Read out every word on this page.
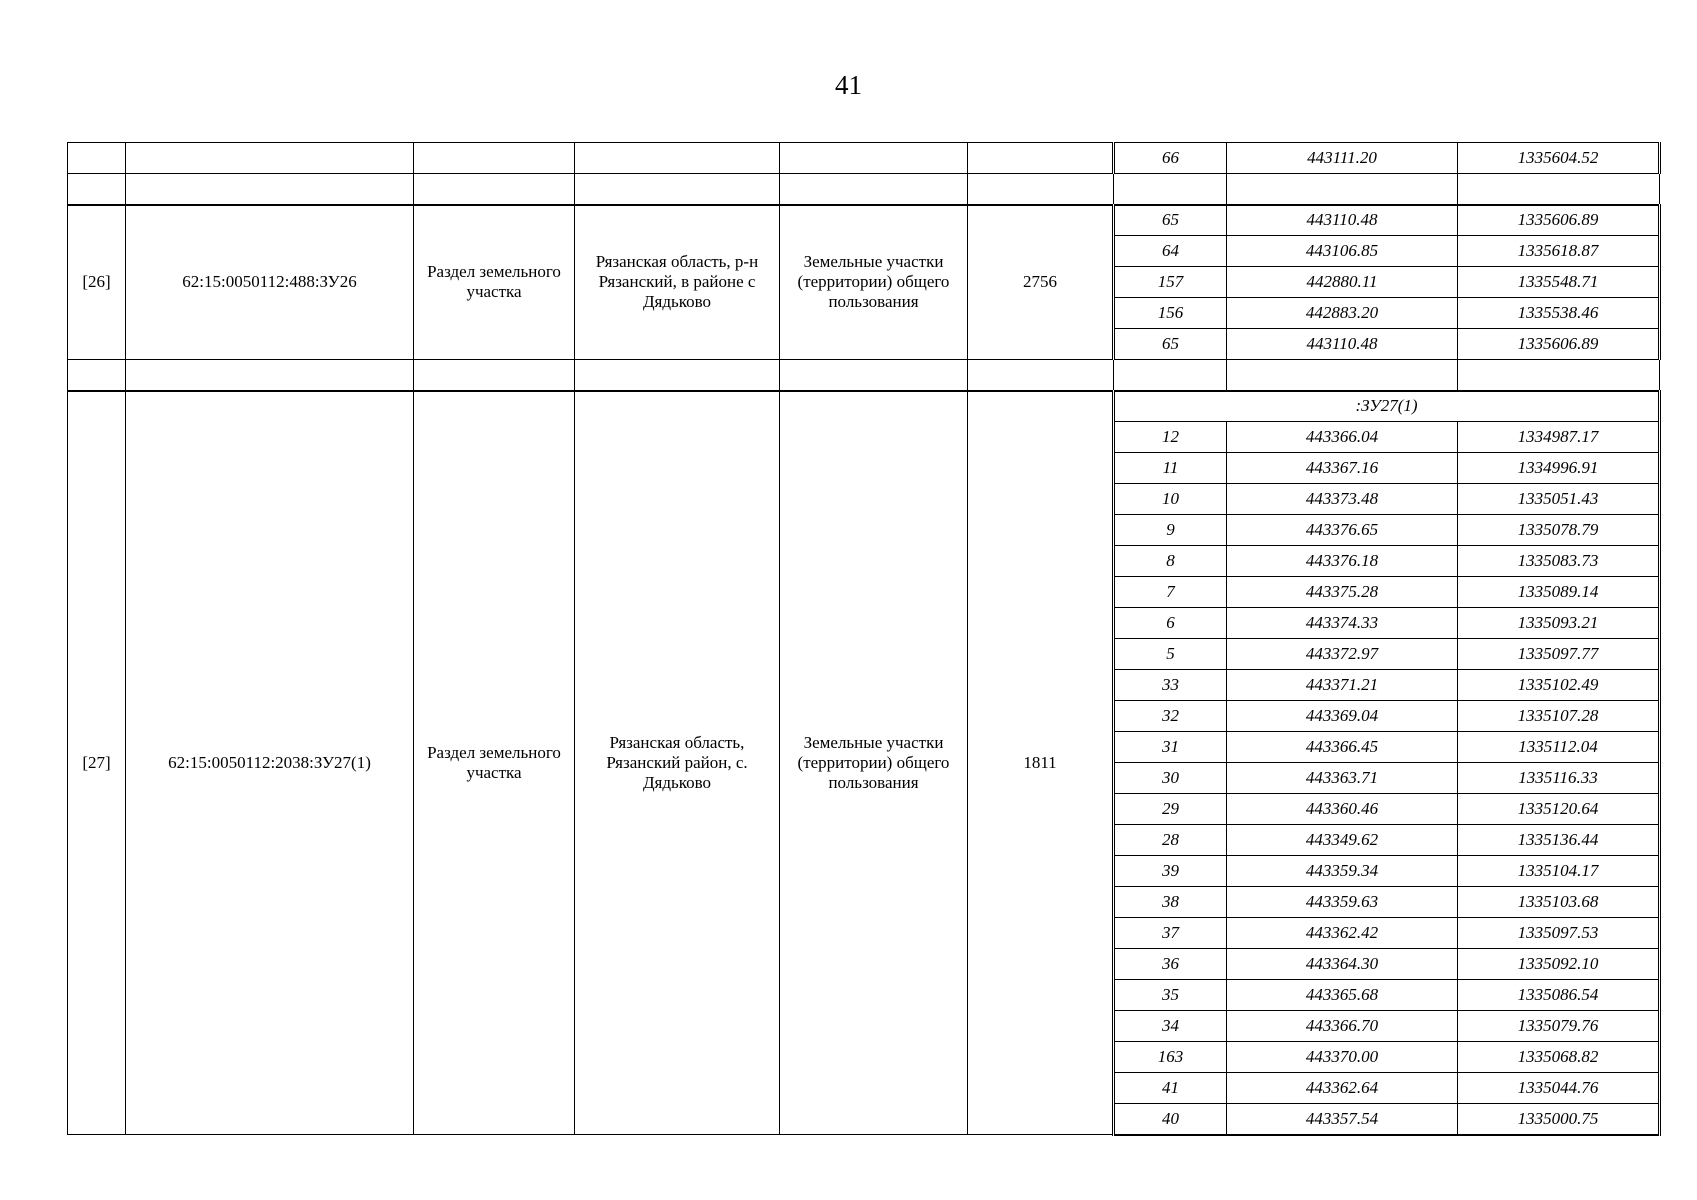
41
						66	443111.20	1335604.52

[26]	62:15:0050112:488:ЗУ26	Раздел земельного участка	Рязанская область, р-н Рязанский, в районе с Дядьково	Земельные участки (территории) общего пользования	2756	65	443110.48	1335606.89
						64	443106.85	1335618.87
						157	442880.11	1335548.71
						156	442883.20	1335538.46
						65	443110.48	1335606.89

[27]	62:15:0050112:2038:ЗУ27(1)	Раздел земельного участка	Рязанская область, Рязанский район, с. Дядьково	Земельные участки (территории) общего пользования	1811	:ЗУ27(1)		
						12	443366.04	1334987.17
						11	443367.16	1334996.91
						10	443373.48	1335051.43
						9	443376.65	1335078.79
						8	443376.18	1335083.73
						7	443375.28	1335089.14
						6	443374.33	1335093.21
						5	443372.97	1335097.77
						33	443371.21	1335102.49
						32	443369.04	1335107.28
						31	443366.45	1335112.04
						30	443363.71	1335116.33
						29	443360.46	1335120.64
						28	443349.62	1335136.44
						39	443359.34	1335104.17
						38	443359.63	1335103.68
						37	443362.42	1335097.53
						36	443364.30	1335092.10
						35	443365.68	1335086.54
						34	443366.70	1335079.76
						163	443370.00	1335068.82
						41	443362.64	1335044.76
						40	443357.54	1335000.75
